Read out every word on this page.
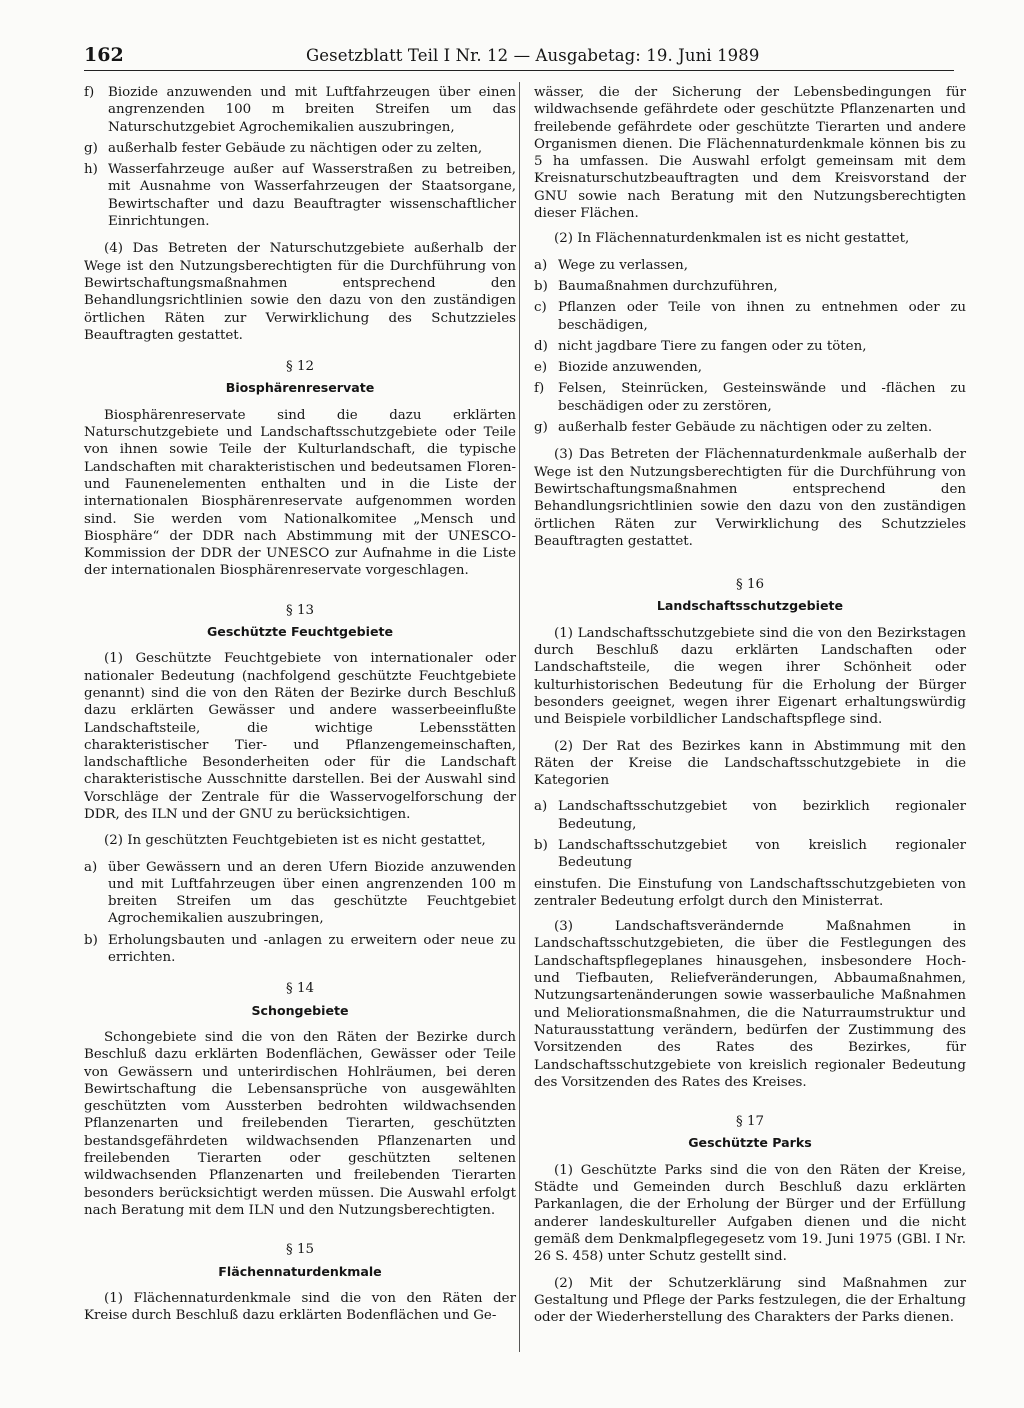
162	Gesetzblatt Teil I Nr. 12 — Ausgabetag: 19. Juni 1989
f)	Biozide anzuwenden und mit Luftfahrzeugen über einen angrenzenden 100 m breiten Streifen um das Naturschutzgebiet Agrochemikalien auszubringen,
g) außerhalb fester Gebäude zu nächtigen oder zu zelten,
h) Wasserfahrzeuge außer auf Wasserstraßen zu betreiben, mit Ausnahme von Wasserfahrzeugen der Staatsorgane, Bewirtschafter und dazu Beauftragter wissenschaftlicher Einrichtungen.

(4) Das Betreten der Naturschutzgebiete außerhalb der Wege ist den Nutzungsberechtigten für die Durchführung von Bewirtschaftungsmaßnahmen entsprechend den Behandlungsrichtlinien sowie den dazu von den zuständigen örtlichen Räten zur Verwirklichung des Schutzzieles Beauftragten gestattet.

§ 12
Biosphärenreservate

Biosphärenreservate sind die dazu erklärten Naturschutzgebiete und Landschaftsschutzgebiete oder Teile von ihnen sowie Teile der Kulturlandschaft, die typische Landschaften mit charakteristischen und bedeutsamen Floren- und Faunenelementen enthalten und in die Liste der internationalen Biosphärenreservate aufgenommen worden sind. Sie werden vom Nationalkomitee „Mensch und Biosphäre“ der DDR nach Abstimmung mit der UNESCO-Kommission der DDR der UNESCO zur Aufnahme in die Liste der internationalen Biosphärenreservate vorgeschlagen.

§ 13
Geschützte Feuchtgebiete

(1) Geschützte Feuchtgebiete von internationaler oder nationaler Bedeutung (nachfolgend geschützte Feuchtgebiete genannt) sind die von den Räten der Bezirke durch Beschluß dazu erklärten Gewässer und andere wasserbeeinflußte Landschaftsteile, die wichtige Lebensstätten charakteristischer Tier- und Pflanzengemeinschaften, landschaftliche Besonderheiten oder für die Landschaft charakteristische Ausschnitte darstellen. Bei der Auswahl sind Vorschläge der Zentrale für die Wasservogelforschung der DDR, des ILN und der GNU zu berücksichtigen.

(2) In geschützten Feuchtgebieten ist es nicht gestattet,

a) über Gewässern und an deren Ufern Biozide anzuwenden und mit Luftfahrzeugen über einen angrenzenden 100 m breiten Streifen um das geschützte Feuchtgebiet Agrochemikalien auszubringen,
b) Erholungsbauten und -anlagen zu erweitern oder neue zu errichten.
§ 14
Schongebiete

Schongebiete sind die von den Räten der Bezirke durch Beschluß dazu erklärten Bodenflächen, Gewässer oder Teile von Gewässern und unterirdischen Hohlräumen, bei deren Bewirtschaftung die Lebensansprüche von ausgewählten geschützten vom Aussterben bedrohten wildwachsenden Pflanzenarten und freilebenden Tierarten, geschützten bestandsgefährdeten wildwachsenden Pflanzenarten und freilebenden Tierarten oder geschützten seltenen wildwachsenden Pflanzenarten und freilebenden Tierarten besonders berücksichtigt werden müssen. Die Auswahl erfolgt nach Beratung mit dem ILN und den Nutzungsberechtigten.

§ 15
Flächennaturdenkmale

(1) Flächennaturdenkmale sind die von den Räten der Kreise durch Beschluß dazu erklärten Bodenflächen und Ge-

wässer, die der Sicherung der Lebensbedingungen für wildwachsende gefährdete oder geschützte Pflanzenarten und freilebende gefährdete oder geschützte Tierarten und andere Organismen dienen. Die Flächennaturdenkmale können bis zu 5 ha umfassen. Die Auswahl erfolgt gemeinsam mit dem Kreisnaturschutzbeauftragten und dem Kreisvorstand der GNU sowie nach Beratung mit den Nutzungsberechtigten dieser Flächen.

(2) In Flächennaturdenkmalen ist es nicht gestattet,

a) Wege zu verlassen,
b) Baumaßnahmen durchzuführen,
c) Pflanzen oder Teile von ihnen zu entnehmen oder zu beschädigen,
d) nicht jagdbare Tiere zu fangen oder zu töten,
e) Biozide anzuwenden,
f)	Felsen, Steinrücken, Gesteinswände und -flächen zu beschädigen oder zu zerstören,
g) außerhalb fester Gebäude zu nächtigen oder zu zelten.

(3) Das Betreten der Flächennaturdenkmale außerhalb der Wege ist den Nutzungsberechtigten für die Durchführung von Bewirtschaftungsmaßnahmen entsprechend den Behandlungsrichtlinien sowie den dazu von den zuständigen örtlichen Räten zur Verwirklichung des Schutzzieles Beauftragten gestattet.

§ 16
Landschaftsschutzgebiete

(1) Landschaftsschutzgebiete sind die von den Bezirkstagen durch Beschluß dazu erklärten Landschaften oder Landschaftsteile, die wegen ihrer Schönheit oder kulturhistorischen Bedeutung für die Erholung der Bürger besonders geeignet, wegen ihrer Eigenart erhaltungswürdig und Beispiele vorbildlicher Landschaftspflege sind.

(2) Der Rat des Bezirkes kann in Abstimmung mit den Räten der Kreise die Landschaftsschutzgebiete in die Kategorien

a) Landschaftsschutzgebiet von bezirklich regionaler Bedeutung,
b) Landschaftsschutzgebiet von kreislich regionaler Bedeutung

einstufen. Die Einstufung von Landschaftsschutzgebieten von zentraler Bedeutung erfolgt durch den Ministerrat.

(3) Landschaftsverändernde Maßnahmen in Landschaftsschutzgebieten, die über die Festlegungen des Landschaftspflegeplanes hinausgehen, insbesondere Hoch- und Tiefbauten, Reliefveränderungen, Abbaumaßnahmen, Nutzungsartenänderungen sowie wasserbauliche Maßnahmen und Meliorationsmaßnahmen, die die Naturraumstruktur und Naturausstattung verändern, bedürfen der Zustimmung des Vorsitzenden des Rates des Bezirkes, für Landschaftsschutzgebiete von kreislich regionaler Bedeutung des Vorsitzenden des Rates des Kreises.

§ 17
Geschützte Parks

(1) Geschützte Parks sind die von den Räten der Kreise, Städte und Gemeinden durch Beschluß dazu erklärten Parkanlagen, die der Erholung der Bürger und der Erfüllung anderer landeskultureller Aufgaben dienen und die nicht gemäß dem Denkmalpflegegesetz vom 19. Juni 1975 (GBl. I Nr. 26 S. 458) unter Schutz gestellt sind.

(2) Mit der Schutzerklärung sind Maßnahmen zur Gestaltung und Pflege der Parks festzulegen, die der Erhaltung oder der Wiederherstellung des Charakters der Parks dienen.
